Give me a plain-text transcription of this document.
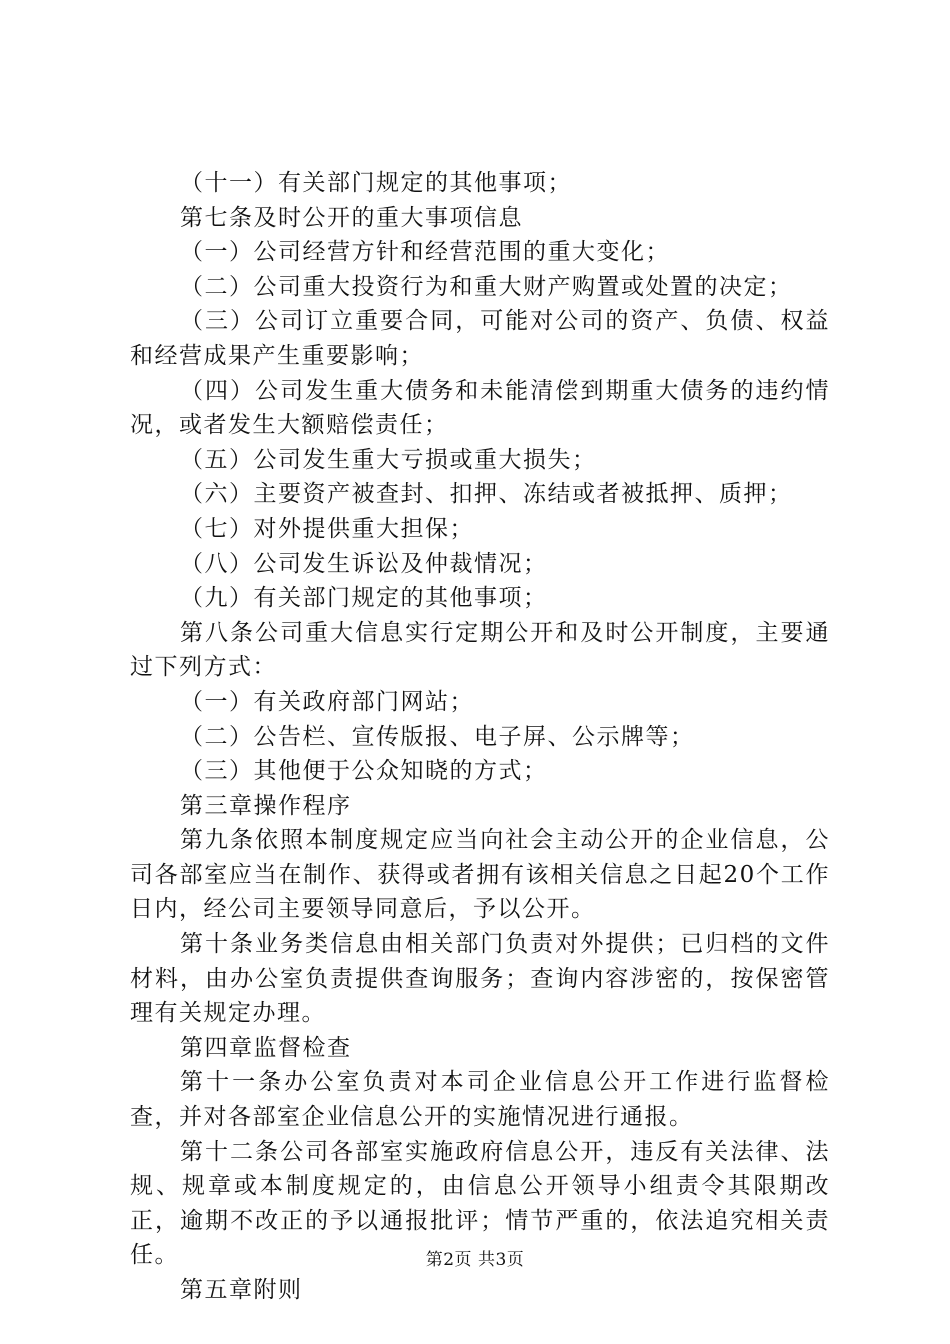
（十一）有关部门规定的其他事项；

第七条及时公开的重大事项信息

（一）公司经营方针和经营范围的重大变化；

（二）公司重大投资行为和重大财产购置或处置的决定；

（三）公司订立重要合同，可能对公司的资产、负债、权益和经营成果产生重要影响；

（四）公司发生重大债务和未能清偿到期重大债务的违约情况，或者发生大额赔偿责任；

（五）公司发生重大亏损或重大损失；

（六）主要资产被查封、扣押、冻结或者被抵押、质押；

（七）对外提供重大担保；

（八）公司发生诉讼及仲裁情况；

（九）有关部门规定的其他事项；

第八条公司重大信息实行定期公开和及时公开制度，主要通过下列方式：

（一）有关政府部门网站；

（二）公告栏、宣传版报、电子屏、公示牌等；

（三）其他便于公众知晓的方式；

第三章操作程序

第九条依照本制度规定应当向社会主动公开的企业信息，公司各部室应当在制作、获得或者拥有该相关信息之日起20个工作日内，经公司主要领导同意后，予以公开。

第十条业务类信息由相关部门负责对外提供；已归档的文件材料，由办公室负责提供查询服务；查询内容涉密的，按保密管理有关规定办理。

第四章监督检查

第十一条办公室负责对本司企业信息公开工作进行监督检查，并对各部室企业信息公开的实施情况进行通报。

第十二条公司各部室实施政府信息公开，违反有关法律、法规、规章或本制度规定的，由信息公开领导小组责令其限期改正，逾期不改正的予以通报批评；情节严重的，依法追究相关责任。

第五章附则

第2页 共3页
